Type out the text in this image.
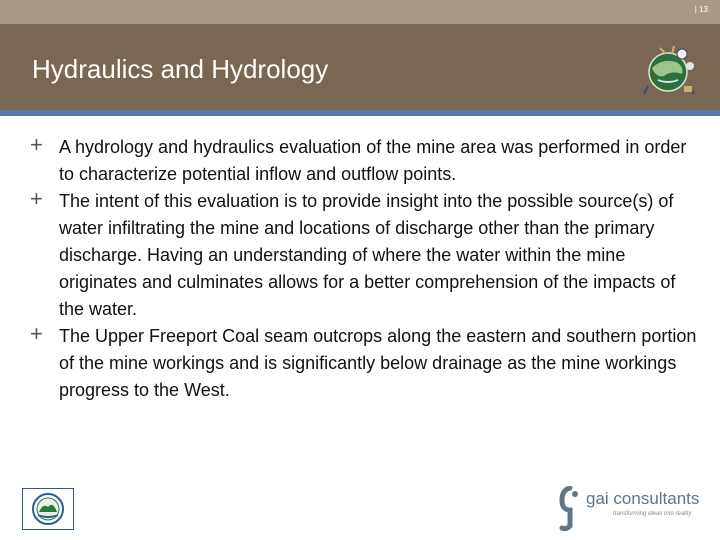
| 13
Hydraulics and Hydrology
+ A hydrology and hydraulics evaluation of the mine area was performed in order to characterize potential inflow and outflow points.
+ The intent of this evaluation is to provide insight into the possible source(s) of water infiltrating the mine and locations of discharge other than the primary discharge. Having an understanding of where the water within the mine originates and culminates allows for a better comprehension of the impacts of the water.
+ The Upper Freeport Coal seam outcrops along the eastern and southern portion of the mine workings and is significantly below drainage as the mine workings progress to the West.
gai consultants
transforming ideas into reality
